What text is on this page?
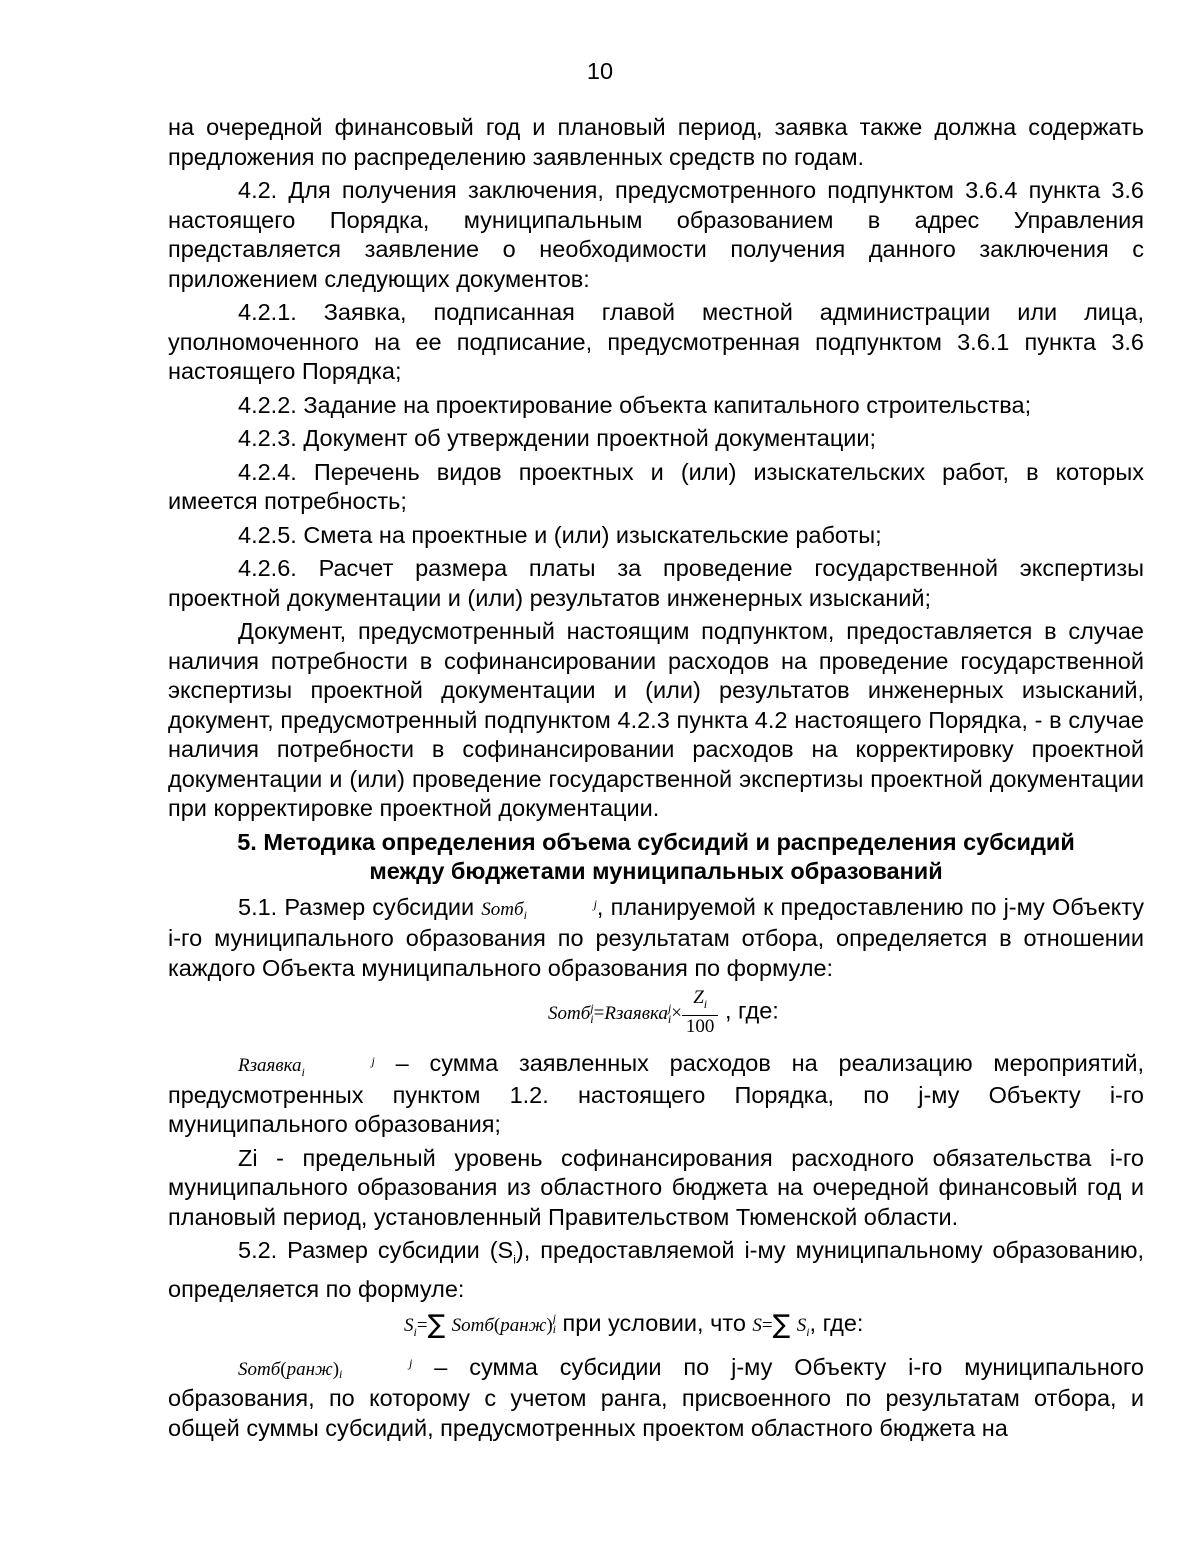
10

на очередной финансовый год и плановый период, заявка также должна содержать предложения по распределению заявленных средств по годам.

4.2. Для получения заключения, предусмотренного подпунктом 3.6.4 пункта 3.6 настоящего Порядка, муниципальным образованием в адрес Управления представляется заявление о необходимости получения данного заключения с приложением следующих документов:

4.2.1. Заявка, подписанная главой местной администрации или лица, уполномоченного на ее подписание, предусмотренная подпунктом 3.6.1 пункта 3.6 настоящего Порядка;

4.2.2. Задание на проектирование объекта капитального строительства;

4.2.3. Документ об утверждении проектной документации;

4.2.4. Перечень видов проектных и (или) изыскательских работ, в которых имеется потребность;

4.2.5. Смета на проектные и (или) изыскательские работы;

4.2.6. Расчет размера платы за проведение государственной экспертизы проектной документации и (или) результатов инженерных изысканий;

Документ, предусмотренный настоящим подпунктом, предоставляется в случае наличия потребности в софинансировании расходов на проведение государственной экспертизы проектной документации и (или) результатов инженерных изысканий, документ, предусмотренный подпунктом 4.2.3 пункта 4.2 настоящего Порядка, - в случае наличия потребности в софинансировании расходов на корректировку проектной документации и (или) проведение государственной экспертизы проектной документации при корректировке проектной документации.

5. Методика определения объема субсидий и распределения субсидий
между бюджетами муниципальных образований

5.1. Размер субсидии Sотб	j
i	, планируемой к предоставлению по j-му Объекту i-го муниципального образования по результатам отбора, определяется в отношении каждого Объекта муниципального образования по формуле:

Sотбj
i=Rзаявкаj
$i\times \frac{Z_i}{100}$ , где:

Rзаявка	j
i	– сумма заявленных расходов на реализацию мероприятий, предусмотренных пунктом 1.2. настоящего Порядка, по j-му Объекту i-го муниципального образования;

Zi - предельный уровень софинансирования расходного обязательства i-го муниципального образования из областного бюджета на очередной финансовый год и плановый период, установленный Правительством Тюменской области.

5.2. Размер субсидии $(S_i)$, предоставляемой i-му муниципальному образованию, определяется по формуле:

$S_i=\sum$ Sотб(ранж)j
i при условии, что S=∑ $S_i$, где:

Sотб(ранж)	j
i	– сумма субсидии по j-му Объекту i-го муниципального образования, по которому с учетом ранга, присвоенного по результатам отбора, и общей суммы субсидий, предусмотренных проектом областного бюджета на
